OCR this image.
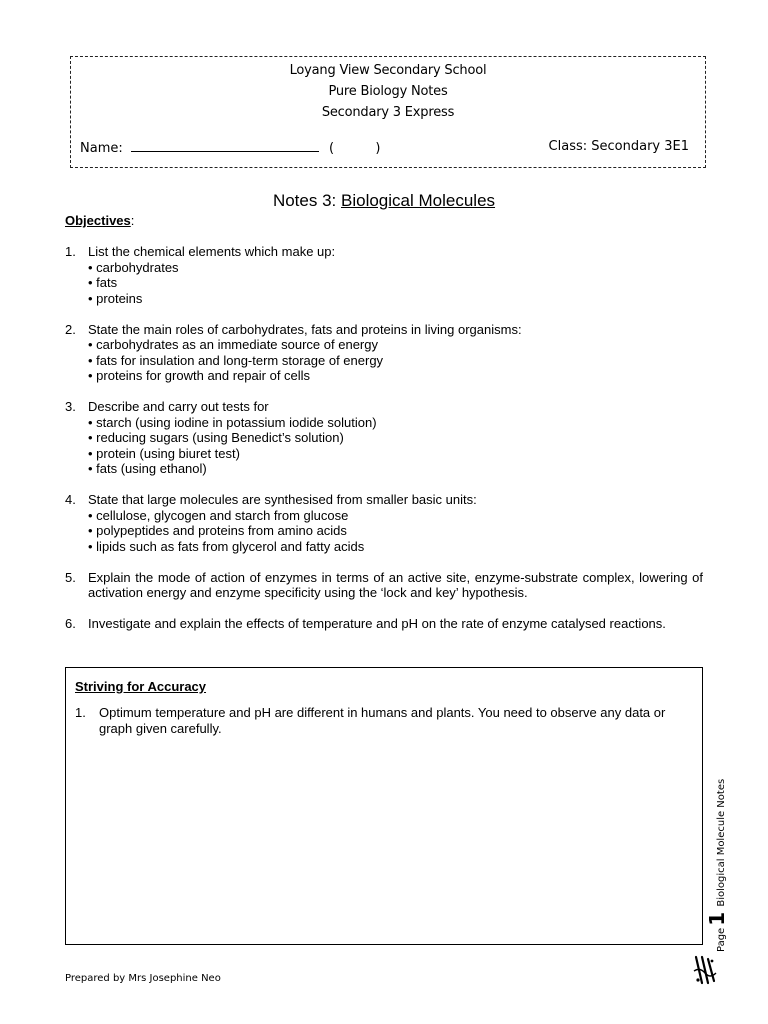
Loyang View Secondary School
Pure Biology Notes
Secondary 3 Express
Name:	(          )	Class: Secondary 3E1
Notes 3: Biological Molecules
Objectives:
1. List the chemical elements which make up:
• carbohydrates
• fats
• proteins
2. State the main roles of carbohydrates, fats and proteins in living organisms:
• carbohydrates as an immediate source of energy
• fats for insulation and long-term storage of energy
• proteins for growth and repair of cells
3. Describe and carry out tests for
• starch (using iodine in potassium iodide solution)
• reducing sugars (using Benedict’s solution)
• protein (using biuret test)
• fats (using ethanol)
4. State that large molecules are synthesised from smaller basic units:
• cellulose, glycogen and starch from glucose
• polypeptides and proteins from amino acids
• lipids such as fats from glycerol and fatty acids
5. Explain the mode of action of enzymes in terms of an active site, enzyme-substrate complex, lowering of activation energy and enzyme specificity using the ‘lock and key’ hypothesis.
6. Investigate and explain the effects of temperature and pH on the rate of enzyme catalysed reactions.
Striving for Accuracy
1.	Optimum temperature and pH are different in humans and plants. You need to observe any data or graph given carefully.
Prepared by Mrs Josephine Neo
Page1 Biological Molecule Notes
